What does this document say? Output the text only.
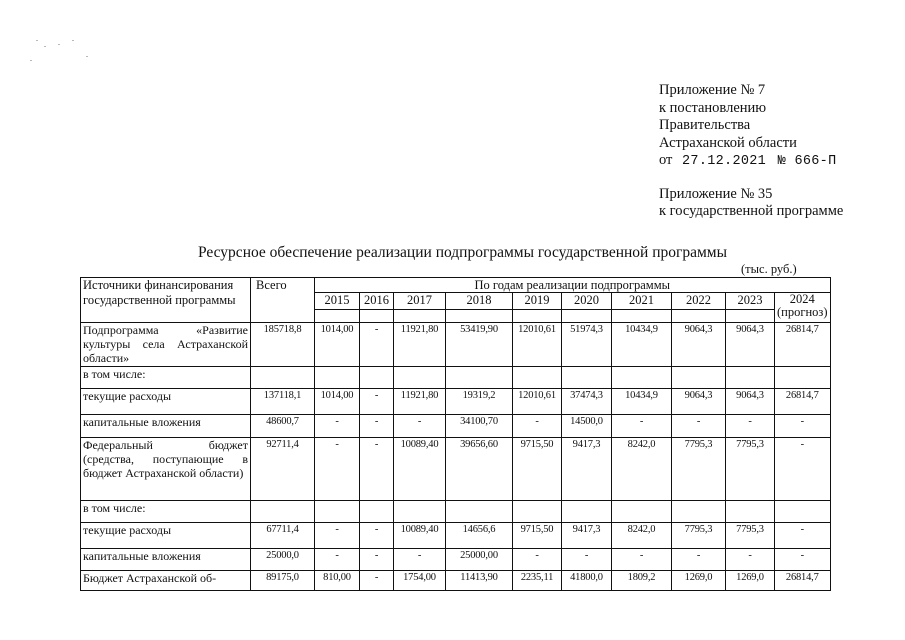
Приложение № 7
к постановлению
Правительства
Астраханской области
от 27.12.2021 № 666-П
Приложение № 35
к государственной программе
Ресурсное обеспечение реализации подпрограммы государственной программы
(тыс. руб.)
Источники финансирования государственной программы	Всего	По годам реализации подпрограммы									
		2015	2016	2017	2018	2019	2020	2021	2022	2023	2024 (прогноз)

Подпрограмма «Развитие культуры села Астраханской области»	185718,8	1014,00	-	11921,80	53419,90	12010,61	51974,3	10434,9	9064,3	9064,3	26814,7
в том числе:											
текущие расходы	137118,1	1014,00	-	11921,80	19319,2	12010,61	37474,3	10434,9	9064,3	9064,3	26814,7
капитальные вложения	48600,7	-	-	-	34100,70	-	14500,0	-	-	-	-
Федеральный бюджет (средства, поступающие в бюджет Астраханской области)	92711,4	-	-	10089,40	39656,60	9715,50	9417,3	8242,0	7795,3	7795,3	-
в том числе:											
текущие расходы	67711,4	-	-	10089,40	14656,6	9715,50	9417,3	8242,0	7795,3	7795,3	-
капитальные вложения	25000,0	-	-	-	25000,00	-	-	-	-	-	-
Бюджет Астраханской об-	89175,0	810,00	-	1754,00	11413,90	2235,11	41800,0	1809,2	1269,0	1269,0	26814,7
